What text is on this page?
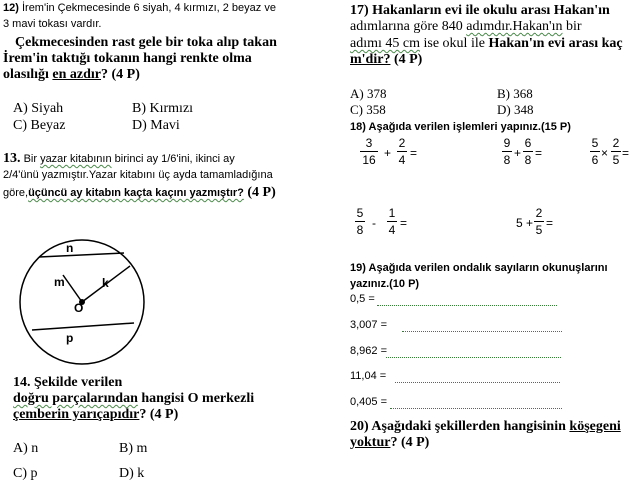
12) İrem'in Çekmecesinde 6 siyah, 4 kırmızı, 2 beyaz ve
3 mavi tokası vardır.
Çekmecesinden rast gele bir toka alıp takan
İrem'in taktığı tokanın hangi renkte olma
olasılığı en azdır? (4 P)
A) Siyah	B) Kırmızı
C) Beyaz	D) Mavi
13. Bir yazar kitabının birinci ay 1/6'ini, ikinci ay
2/4'ünü yazmıştır.Yazar kitabını üç ayda tamamladığına
göre,üçüncü ay kitabın kaçta kaçını yazmıştır? (4 P)
n
m	k
O
p
14. Şekilde verilen
doğru parçalarından hangisi O merkezli
çemberin yarıçapıdır? (4 P)
A) n	B) m
C) p	D) k
17) Hakanların evi ile okulu arası Hakan'ın
adımlarına göre 840 adımdır.Hakan'ın bir
adımı 45 cm ise okul ile Hakan'ın evi arası kaç
m'dir? (4 P)
A) 378	B) 368
C) 358	D) 348
18) Aşağıda verilen işlemleri yapınız.(15 P)
3
16 +
2
4 =
9
8 +
6
8 =
5
6 ×
2
5 =
5
8 -
1
4 =	5 +
2
5 =
19) Aşağıda verilen ondalık sayıların okunuşlarını
yazınız.(10 P)
0,5 =
3,007 =
8,962 =
11,04 =
0,405 =
20) Aşağıdaki şekillerden hangisinin köşegeni
yoktur? (4 P)
